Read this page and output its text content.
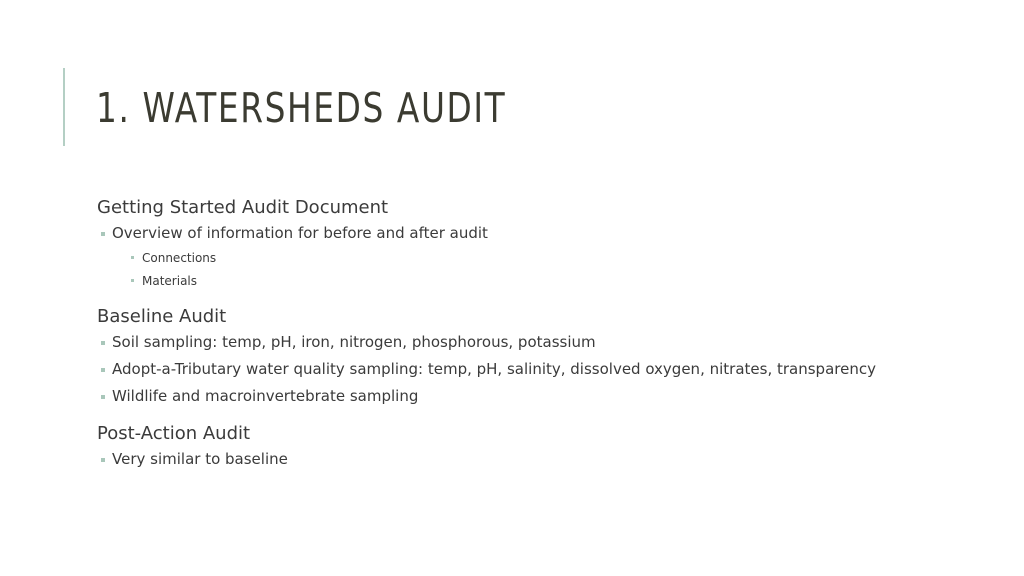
1. WATERSHEDS AUDIT
Getting Started Audit Document
Overview of information for before and after audit
Connections
Materials
Baseline Audit
Soil sampling: temp, pH, iron, nitrogen, phosphorous, potassium
Adopt-a-Tributary water quality sampling: temp, pH, salinity, dissolved oxygen, nitrates, transparency
Wildlife and macroinvertebrate sampling
Post-Action Audit
Very similar to baseline
